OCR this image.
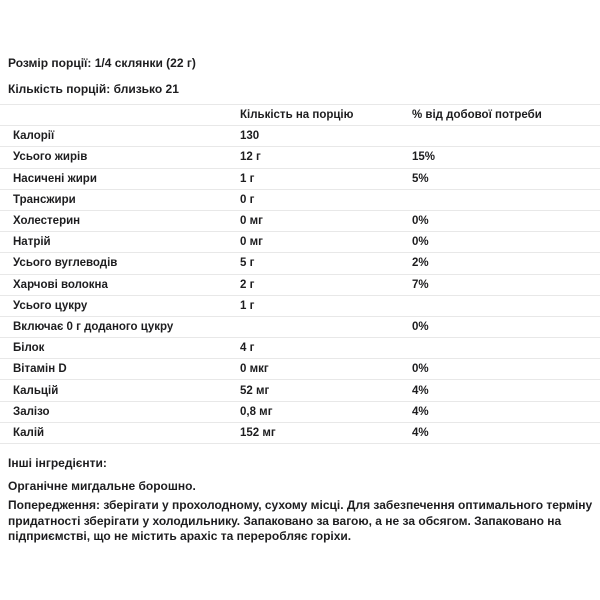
Розмір порції: 1/4 склянки (22 г)

Кількість порцій: близько 21

	Кількість на порцію	% від добової потреби
Калорії	130	
Усього жирів	12 г	15%
Насичені жири	1 г	5%
Трансжири	0 г	
Холестерин	0 мг	0%
Натрій	0 мг	0%
Усього вуглеводів	5 г	2%
Харчові волокна	2 г	7%
Усього цукру	1 г	
Включає 0 г доданого цукру		0%
Білок	4 г	
Вітамін D	0 мкг	0%
Кальцій	52 мг	4%
Залізо	0,8 мг	4%
Калій	152 мг	4%

Інші інгредієнти:

Органічне мигдальне борошно.

Попередження: зберігати у прохолодному, сухому місці. Для забезпечення оптимального терміну придатності зберігати у холодильнику. Запаковано за вагою, а не за обсягом. Запаковано на підприємстві, що не містить арахіс та переробляє горіхи.
